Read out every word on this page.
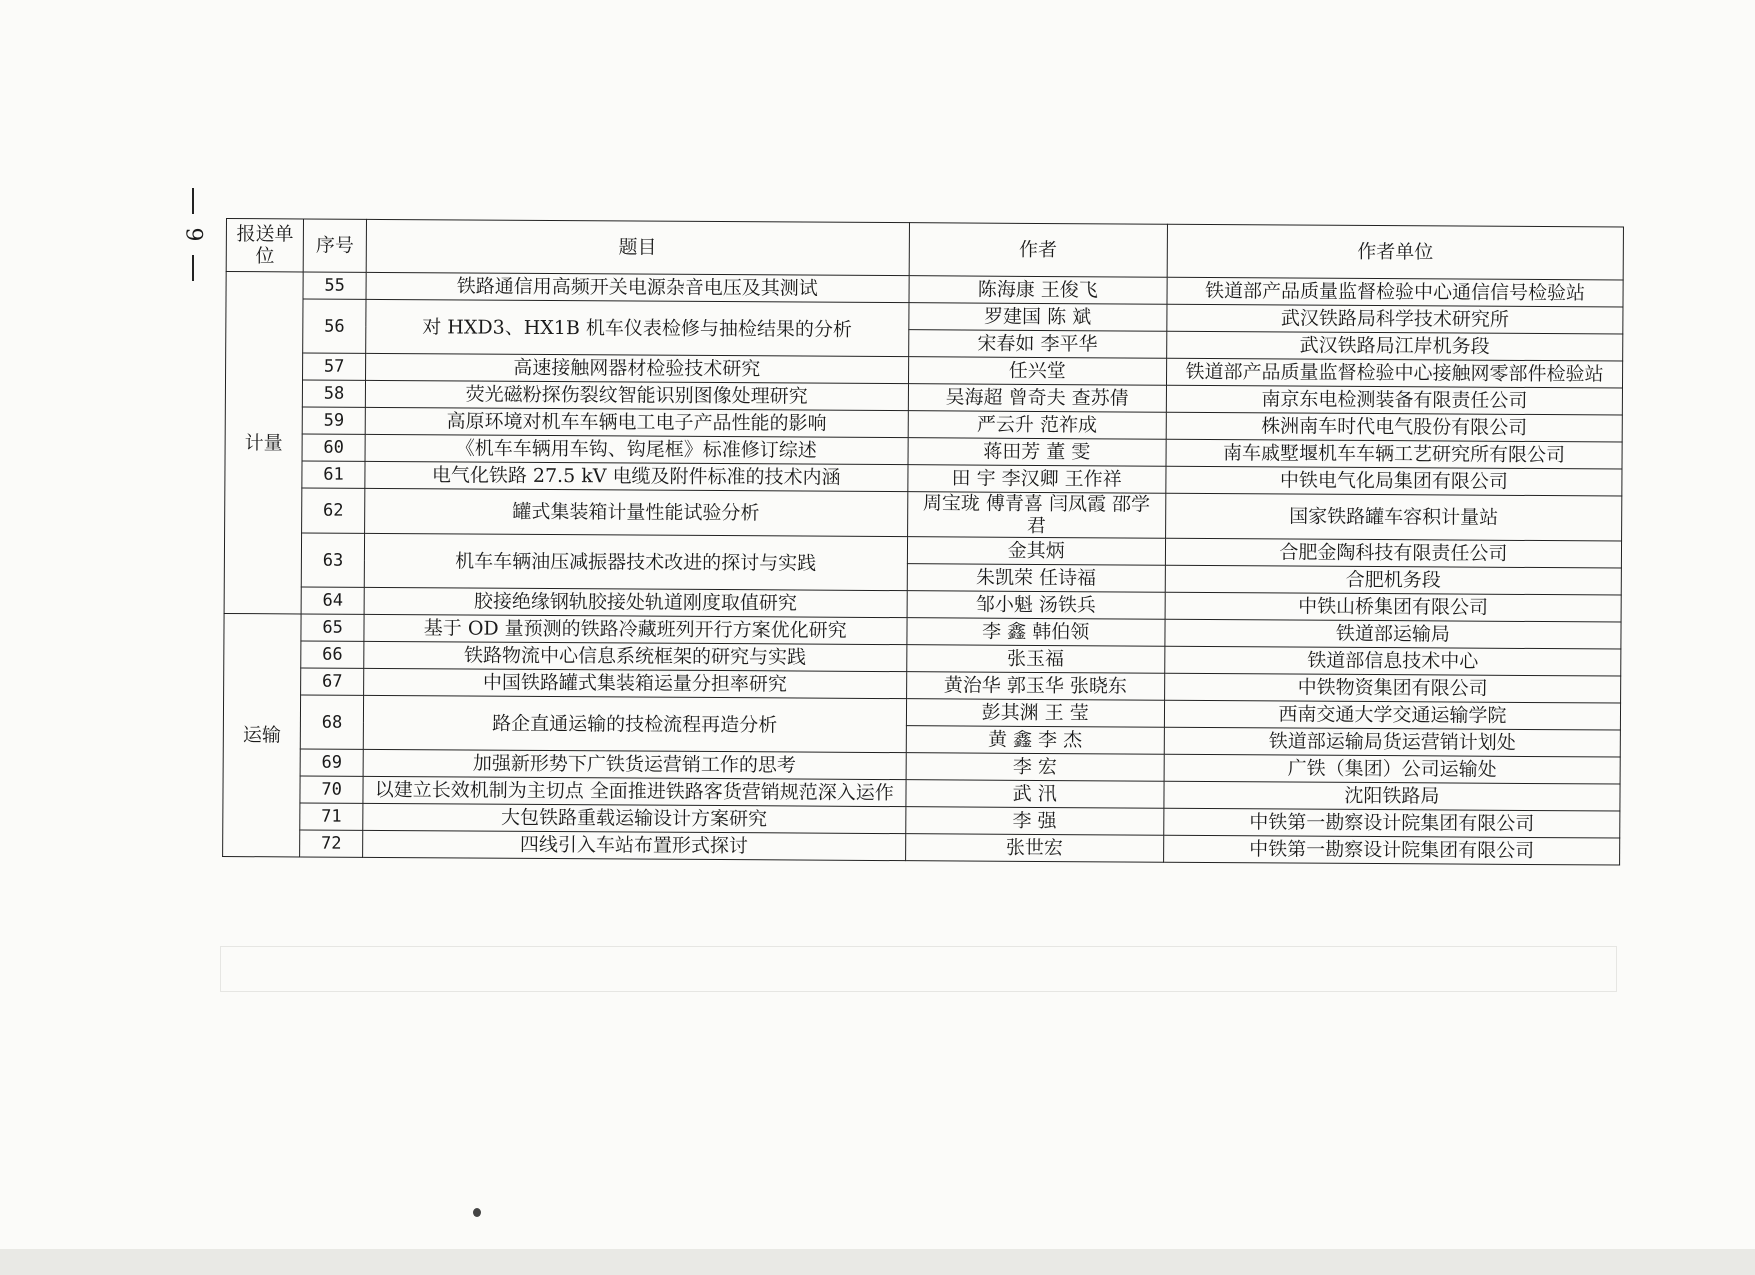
9 报送单位	序号	题目	作者	作者单位
计量	55	铁路通信用高频开关电源杂音电压及其测试	陈海康 王俊飞	铁道部产品质量监督检验中心通信信号检验站
	56	对 HXD3、HX1B 机车仪表检修与抽检结果的分析	罗建国 陈 斌	武汉铁路局科学技术研究所
			宋春如 李平华	武汉铁路局江岸机务段
	57	高速接触网器材检验技术研究	任兴堂	铁道部产品质量监督检验中心接触网零部件检验站
	58	荧光磁粉探伤裂纹智能识别图像处理研究	吴海超 曾奇夫 查苏倩	南京东电检测装备有限责任公司
	59	高原环境对机车车辆电工电子产品性能的影响	严云升 范祚成	株洲南车时代电气股份有限公司
	60	《机车车辆用车钩、钩尾框》标准修订综述	蒋田芳 董 雯	南车戚墅堰机车车辆工艺研究所有限公司
	61	电气化铁路 27.5 kV 电缆及附件标准的技术内涵	田 宇 李汉卿 王作祥	中铁电气化局集团有限公司
	62	罐式集装箱计量性能试验分析	周宝珑 傅青喜 闫凤霞 邵学君	国家铁路罐车容积计量站
	63	机车车辆油压减振器技术改进的探讨与实践	金其炳	合肥金陶科技有限责任公司
			朱凯荣 任诗福	合肥机务段
	64	胶接绝缘钢轨胶接处轨道刚度取值研究	邹小魁 汤铁兵	中铁山桥集团有限公司
运输	65	基于 OD 量预测的铁路冷藏班列开行方案优化研究	李 鑫 韩伯领	铁道部运输局
	66	铁路物流中心信息系统框架的研究与实践	张玉福	铁道部信息技术中心
	67	中国铁路罐式集装箱运量分担率研究	黄治华 郭玉华 张晓东	中铁物资集团有限公司
	68	路企直通运输的技检流程再造分析	彭其渊 王 莹	西南交通大学交通运输学院
			黄 鑫 李 杰	铁道部运输局货运营销计划处
	69	加强新形势下广铁货运营销工作的思考	李 宏	广铁（集团）公司运输处
	70	以建立长效机制为主切点 全面推进铁路客货营销规范深入运作	武 汛	沈阳铁路局
	71	大包铁路重载运输设计方案研究	李 强	中铁第一勘察设计院集团有限公司
	72	四线引入车站布置形式探讨	张世宏	中铁第一勘察设计院集团有限公司
